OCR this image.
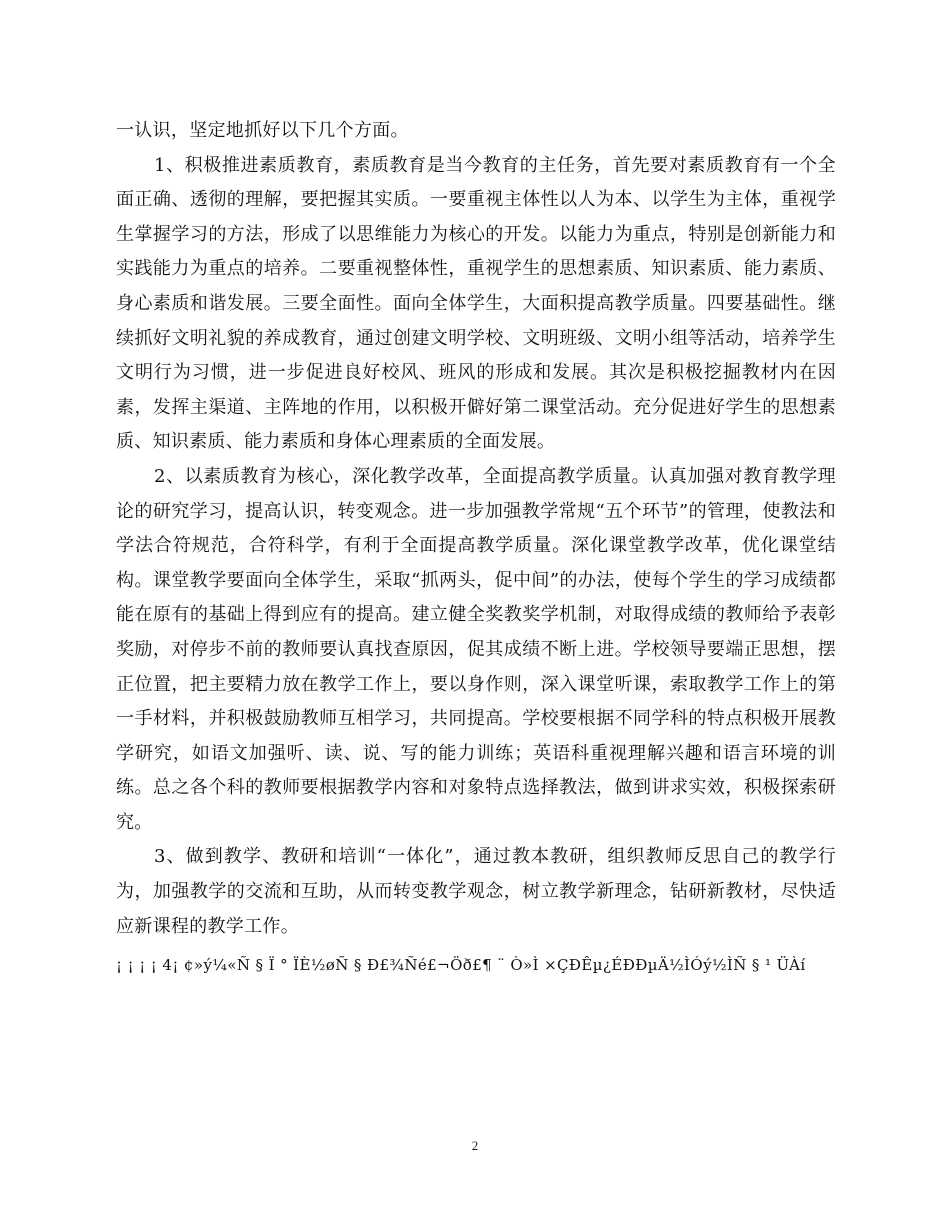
一认识，坚定地抓好以下几个方面。

1、积极推进素质教育，素质教育是当今教育的主任务，首先要对素质教育有一个全面正确、透彻的理解，要把握其实质。一要重视主体性以人为本、以学生为主体，重视学生掌握学习的方法，形成了以思维能力为核心的开发。以能力为重点，特别是创新能力和实践能力为重点的培养。二要重视整体性，重视学生的思想素质、知识素质、能力素质、身心素质和谐发展。三要全面性。面向全体学生，大面积提高教学质量。四要基础性。继续抓好文明礼貌的养成教育，通过创建文明学校、文明班级、文明小组等活动，培养学生文明行为习惯，进一步促进良好校风、班风的形成和发展。其次是积极挖掘教材内在因素，发挥主渠道、主阵地的作用，以积极开僻好第二课堂活动。充分促进好学生的思想素质、知识素质、能力素质和身体心理素质的全面发展。

2、以素质教育为核心，深化教学改革，全面提高教学质量。认真加强对教育教学理论的研究学习，提高认识，转变观念。进一步加强教学常规“五个环节”的管理，使教法和学法合符规范，合符科学，有利于全面提高教学质量。深化课堂教学改革，优化课堂结构。课堂教学要面向全体学生，采取“抓两头，促中间”的办法，使每个学生的学习成绩都能在原有的基础上得到应有的提高。建立健全奖教奖学机制，对取得成绩的教师给予表彰奖励，对停步不前的教师要认真找查原因，促其成绩不断上进。学校领导要端正思想，摆正位置，把主要精力放在教学工作上，要以身作则，深入课堂听课，索取教学工作上的第一手材料，并积极鼓励教师互相学习，共同提高。学校要根据不同学科的特点积极开展教学研究，如语文加强听、读、说、写的能力训练；英语科重视理解兴趣和语言环境的训练。总之各个科的教师要根据教学内容和对象特点选择教法，做到讲求实效，积极探索研究。

3、做到教学、教研和培训“一体化”，通过教本教研，组织教师反思自己的教学行为，加强教学的交流和互助，从而转变教学观念，树立教学新理念，钻研新教材，尽快适应新课程的教学工作。

¡ ¡ ¡ ¡ 4¡ ¢»ý¼«Ñ § Ï ° ÏÈ½øÑ § Ð£¾Ñé£¬Öð£¶ ¨ Ò»Ì ×ÇÐÊµ¿ÉÐÐµÄ½ÌÓý½ÌÑ § ¹ ÜÀí

2
